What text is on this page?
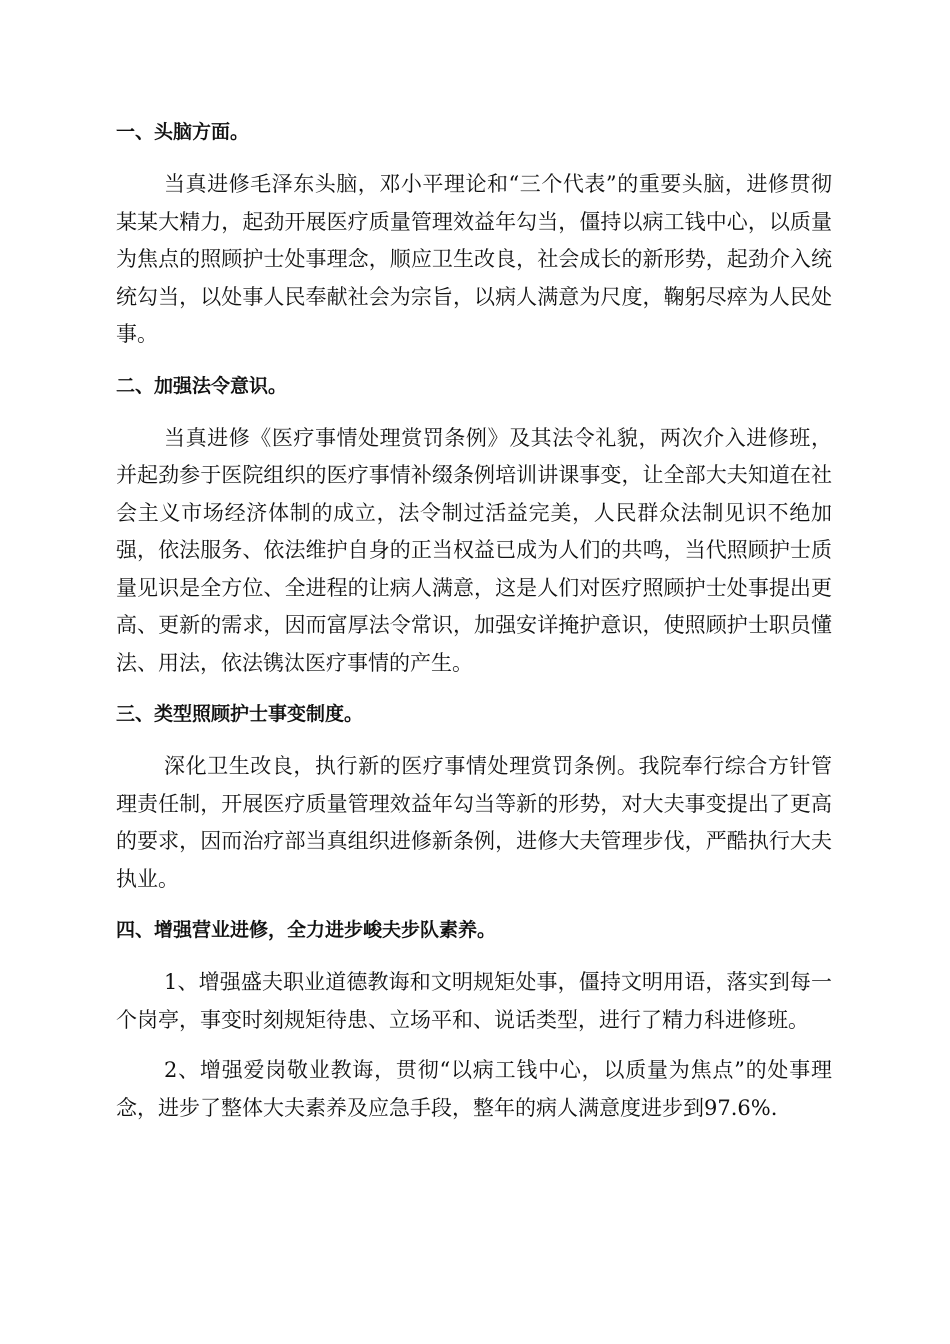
一、头脑方面。

当真进修毛泽东头脑，邓小平理论和“三个代表”的重要头脑，进修贯彻某某大精力，起劲开展医疗质量管理效益年勾当，僵持以病工钱中心，以质量为焦点的照顾护士处事理念，顺应卫生改良，社会成长的新形势，起劲介入统统勾当，以处事人民奉献社会为宗旨，以病人满意为尺度，鞠躬尽瘁为人民处事。

二、加强法令意识。

当真进修《医疗事情处理赏罚条例》及其法令礼貌，两次介入进修班，并起劲参于医院组织的医疗事情补缀条例培训讲课事变，让全部大夫知道在社会主义市场经济体制的成立，法令制过活益完美，人民群众法制见识不绝加强，依法服务、依法维护自身的正当权益已成为人们的共鸣，当代照顾护士质量见识是全方位、全进程的让病人满意，这是人们对医疗照顾护士处事提出更高、更新的需求，因而富厚法令常识，加强安详掩护意识，使照顾护士职员懂法、用法，依法镌汰医疗事情的产生。

三、类型照顾护士事变制度。

深化卫生改良，执行新的医疗事情处理赏罚条例。我院奉行综合方针管理责任制，开展医疗质量管理效益年勾当等新的形势，对大夫事变提出了更高的要求，因而治疗部当真组织进修新条例，进修大夫管理步伐，严酷执行大夫执业。

四、增强营业进修，全力进步峻夫步队素养。

1、增强盛夫职业道德教诲和文明规矩处事，僵持文明用语，落实到每一个岗亭，事变时刻规矩待患、立场平和、说话类型，进行了精力科进修班。

2、增强爱岗敬业教诲，贯彻“以病工钱中心，以质量为焦点”的处事理念，进步了整体大夫素养及应急手段，整年的病人满意度进步到97.6%.
